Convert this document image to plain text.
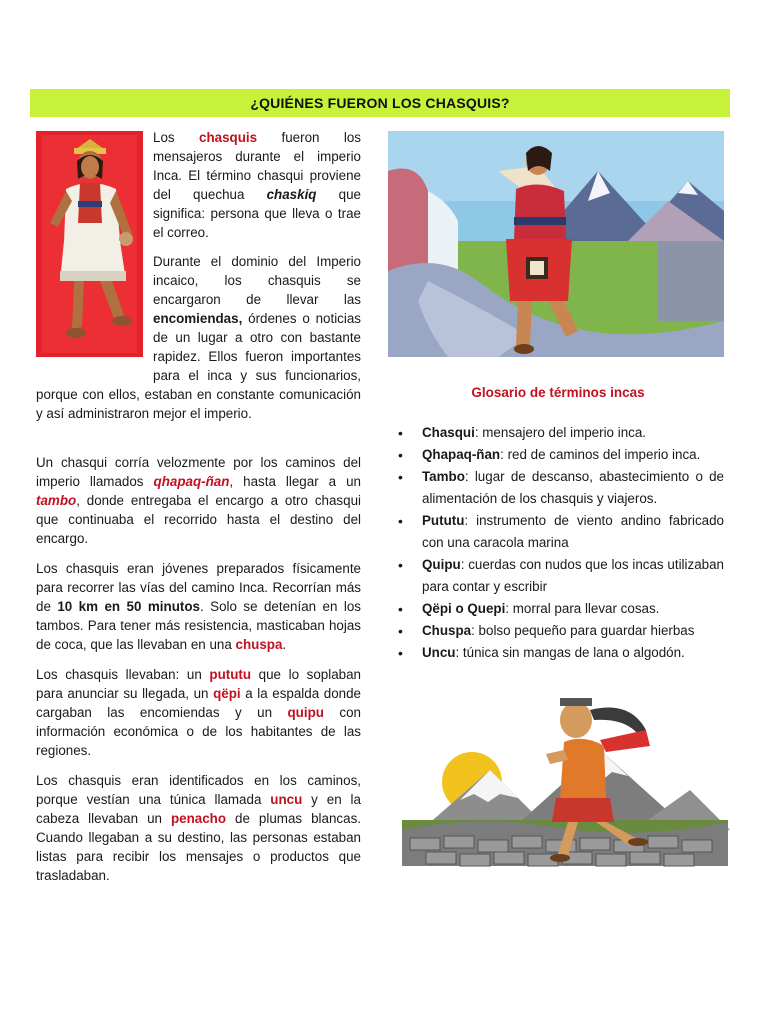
¿QUIÉNES FUERON LOS CHASQUIS?

Los chasquis fueron los mensajeros durante el imperio Inca. El término chasqui proviene del quechua chaskiq que significa: persona que lleva o trae el correo.

Durante el dominio del Imperio incaico, los chasquis se encargaron de llevar las encomiendas, órdenes o noticias de un lugar a otro con bastante rapidez. Ellos fueron importantes para el inca y sus funcionarios, porque con ellos, estaban en constante comunicación y así administraron mejor el imperio.

Un chasqui corría velozmente por los caminos del imperio llamados qhapaq-ñan, hasta llegar a un tambo, donde entregaba el encargo a otro chasqui que continuaba el recorrido hasta el destino del encargo.

Los chasquis eran jóvenes preparados físicamente para recorrer las vías del camino Inca. Recorrían más de 10 km en 50 minutos. Solo se detenían en los tambos. Para tener más resistencia, masticaban hojas de coca, que las llevaban en una chuspa.

Los chasquis llevaban: un pututu que lo soplaban para anunciar su llegada, un qëpi a la espalda donde cargaban las encomiendas y un quipu con información económica o de los habitantes de las regiones.

Los chasquis eran identificados en los caminos, porque vestían una túnica llamada uncu y en la cabeza llevaban un penacho de plumas blancas. Cuando llegaban a su destino, las personas estaban listas para recibir los mensajes o productos que trasladaban.

Glosario de términos incas

• Chasqui: mensajero del imperio inca.
• Qhapaq-ñan: red de caminos del imperio inca.
• Tambo: lugar de descanso, abastecimiento o de alimentación de los chasquis y viajeros.
• Pututu: instrumento de viento andino fabricado con una caracola marina
• Quipu: cuerdas con nudos que los incas utilizaban para contar y escribir
• Qëpi o Quepi: morral para llevar cosas.
• Chuspa: bolso pequeño para guardar hierbas
• Uncu: túnica sin mangas de lana o algodón.
